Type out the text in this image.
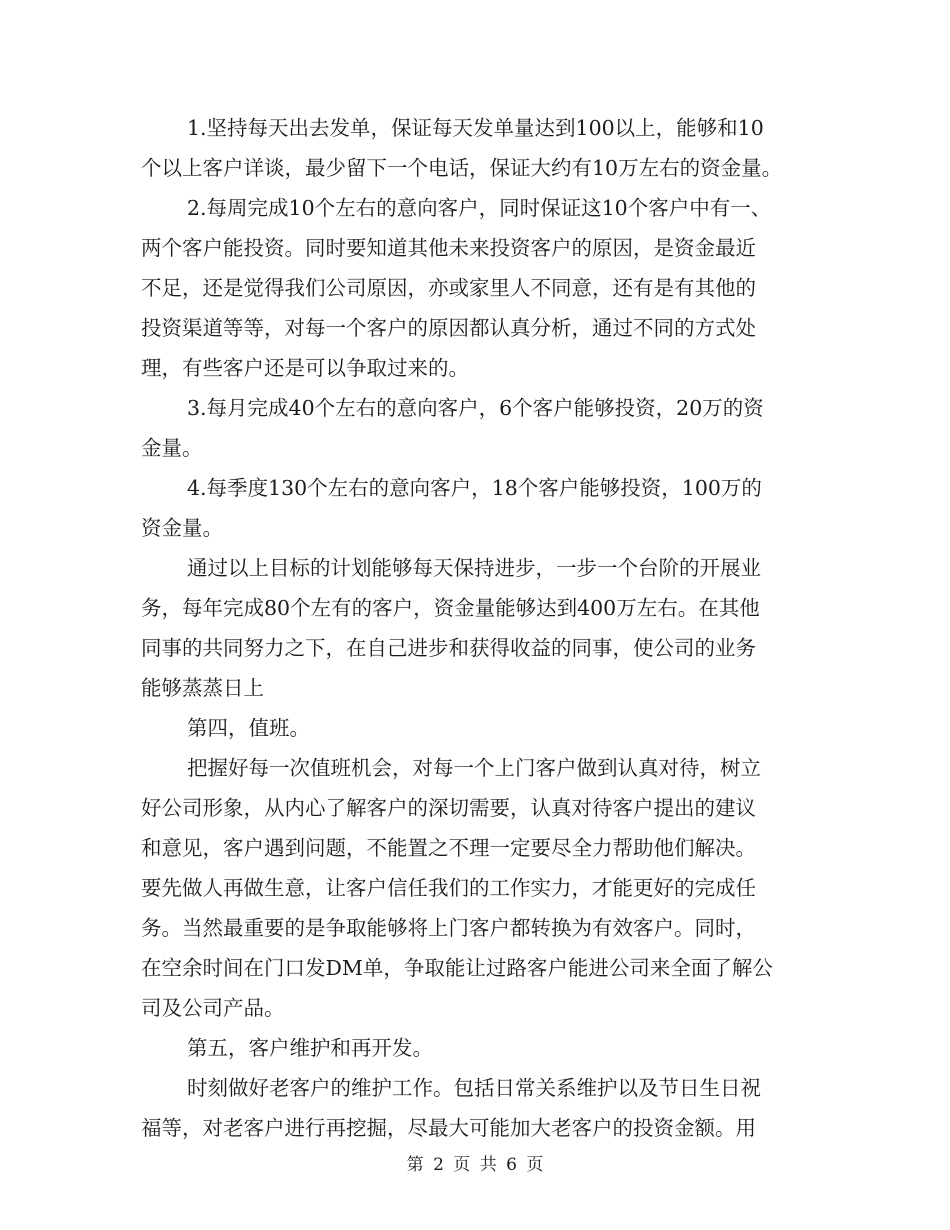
1.坚持每天出去发单，保证每天发单量达到100以上，能够和10
个以上客户详谈，最少留下一个电话，保证大约有10万左右的资金量。
2.每周完成10个左右的意向客户，同时保证这10个客户中有一、
两个客户能投资。同时要知道其他未来投资客户的原因，是资金最近
不足，还是觉得我们公司原因，亦或家里人不同意，还有是有其他的
投资渠道等等，对每一个客户的原因都认真分析，通过不同的方式处
理，有些客户还是可以争取过来的。
3.每月完成40个左右的意向客户，6个客户能够投资，20万的资
金量。
4.每季度130个左右的意向客户，18个客户能够投资，100万的
资金量。
通过以上目标的计划能够每天保持进步，一步一个台阶的开展业
务，每年完成80个左有的客户，资金量能够达到400万左右。在其他
同事的共同努力之下，在自己进步和获得收益的同事，使公司的业务
能够蒸蒸日上
第四，值班。
把握好每一次值班机会，对每一个上门客户做到认真对待，树立
好公司形象，从内心了解客户的深切需要，认真对待客户提出的建议
和意见，客户遇到问题，不能置之不理一定要尽全力帮助他们解决。
要先做人再做生意，让客户信任我们的工作实力，才能更好的完成任
务。当然最重要的是争取能够将上门客户都转换为有效客户。同时，
在空余时间在门口发DM单，争取能让过路客户能进公司来全面了解公
司及公司产品。
第五，客户维护和再开发。
时刻做好老客户的维护工作。包括日常关系维护以及节日生日祝
福等，对老客户进行再挖掘，尽最大可能加大老客户的投资金额。用
第 2 页 共 6 页
